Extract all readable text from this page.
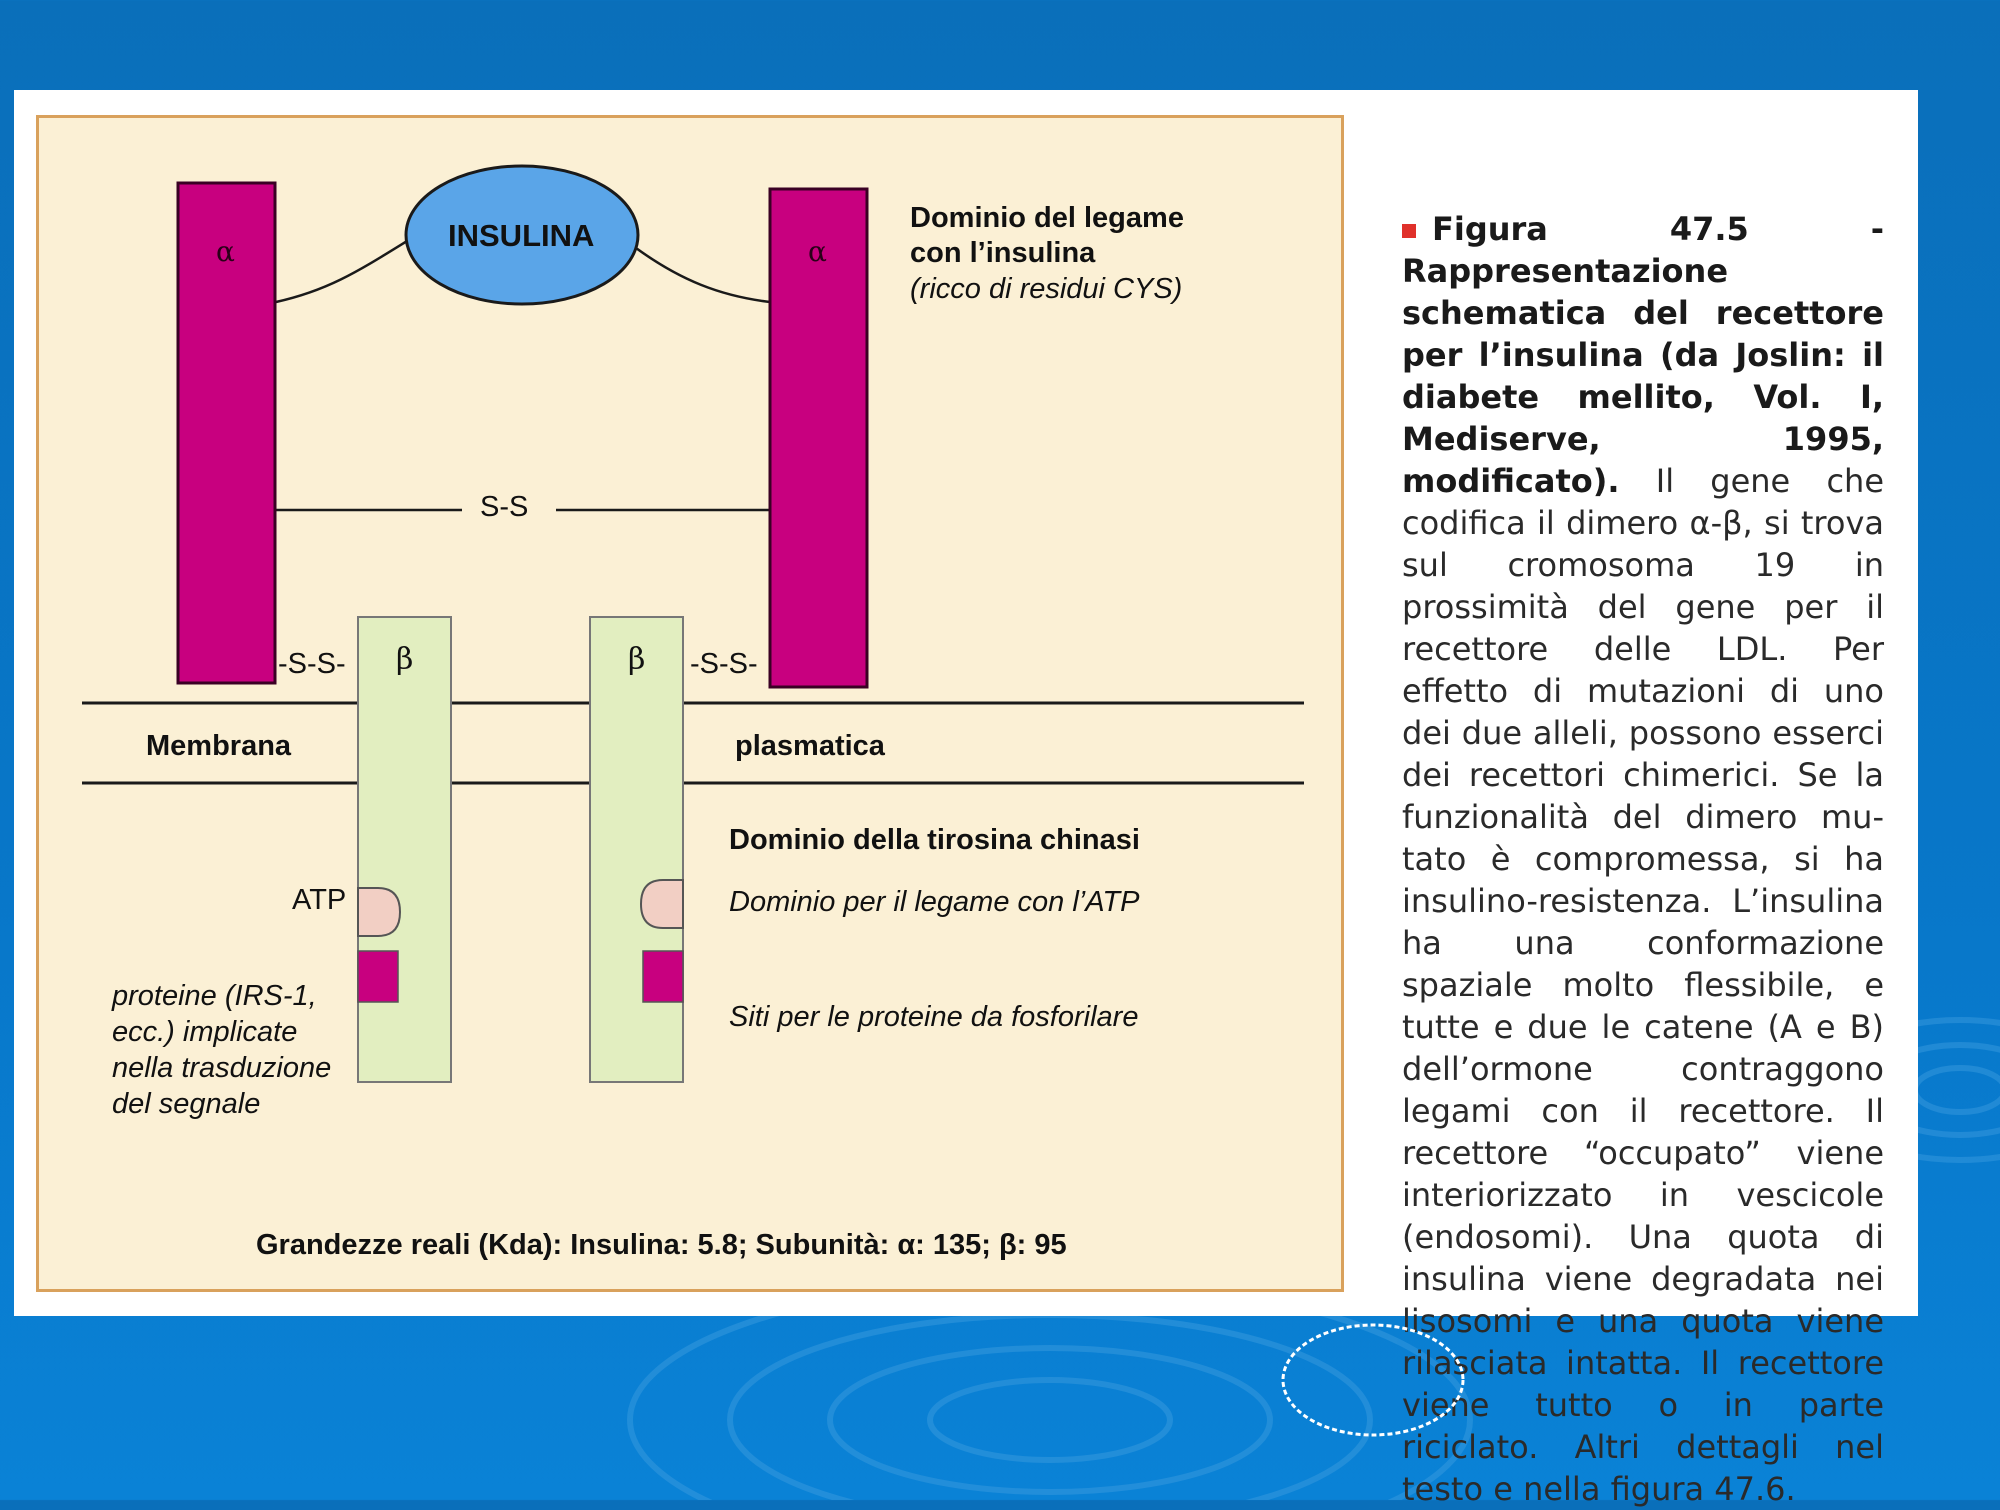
INSULINA
α	α
β	β
S-S
-S-S-	-S-S-
Membrana	plasmatica
Dominio del legame
con l’insulina
(ricco di residui CYS)
Dominio della tirosina chinasi
Dominio per il legame con l’ATP
Siti per le proteine da fosforilare
ATP
proteine (IRS-1,
ecc.) implicate
nella trasduzione
del segnale
Grandezze reali (Kda): Insulina: 5.8; Subunità: α: 135; β: 95
Figura 47.5 - Rappresentazione schematica del recettore per l’insulina (da Joslin: il diabete mellito, Vol. I, Mediserve, 1995, modificato). Il gene che codifica il dimero α-β, si trova sul cromosoma 19 in prossimità del gene per il recettore delle LDL. Per effetto di mutazioni di uno dei due alleli, possono esserci dei recettori chimerici. Se la funzionalità del dimero mutato è compromessa, si ha insulino-resistenza. L’insulina ha una conformazione spaziale molto flessibile, e tutte e due le catene (A e B) dell’ormone contraggono legami con il recettore. Il recettore “occupato” viene interiorizzato in vescicole (endosomi). Una quota di insulina viene degradata nei lisosomi e una quota viene rilasciata intatta. Il recettore viene tutto o in parte riciclato. Altri dettagli nel testo e nella figura 47.6.
